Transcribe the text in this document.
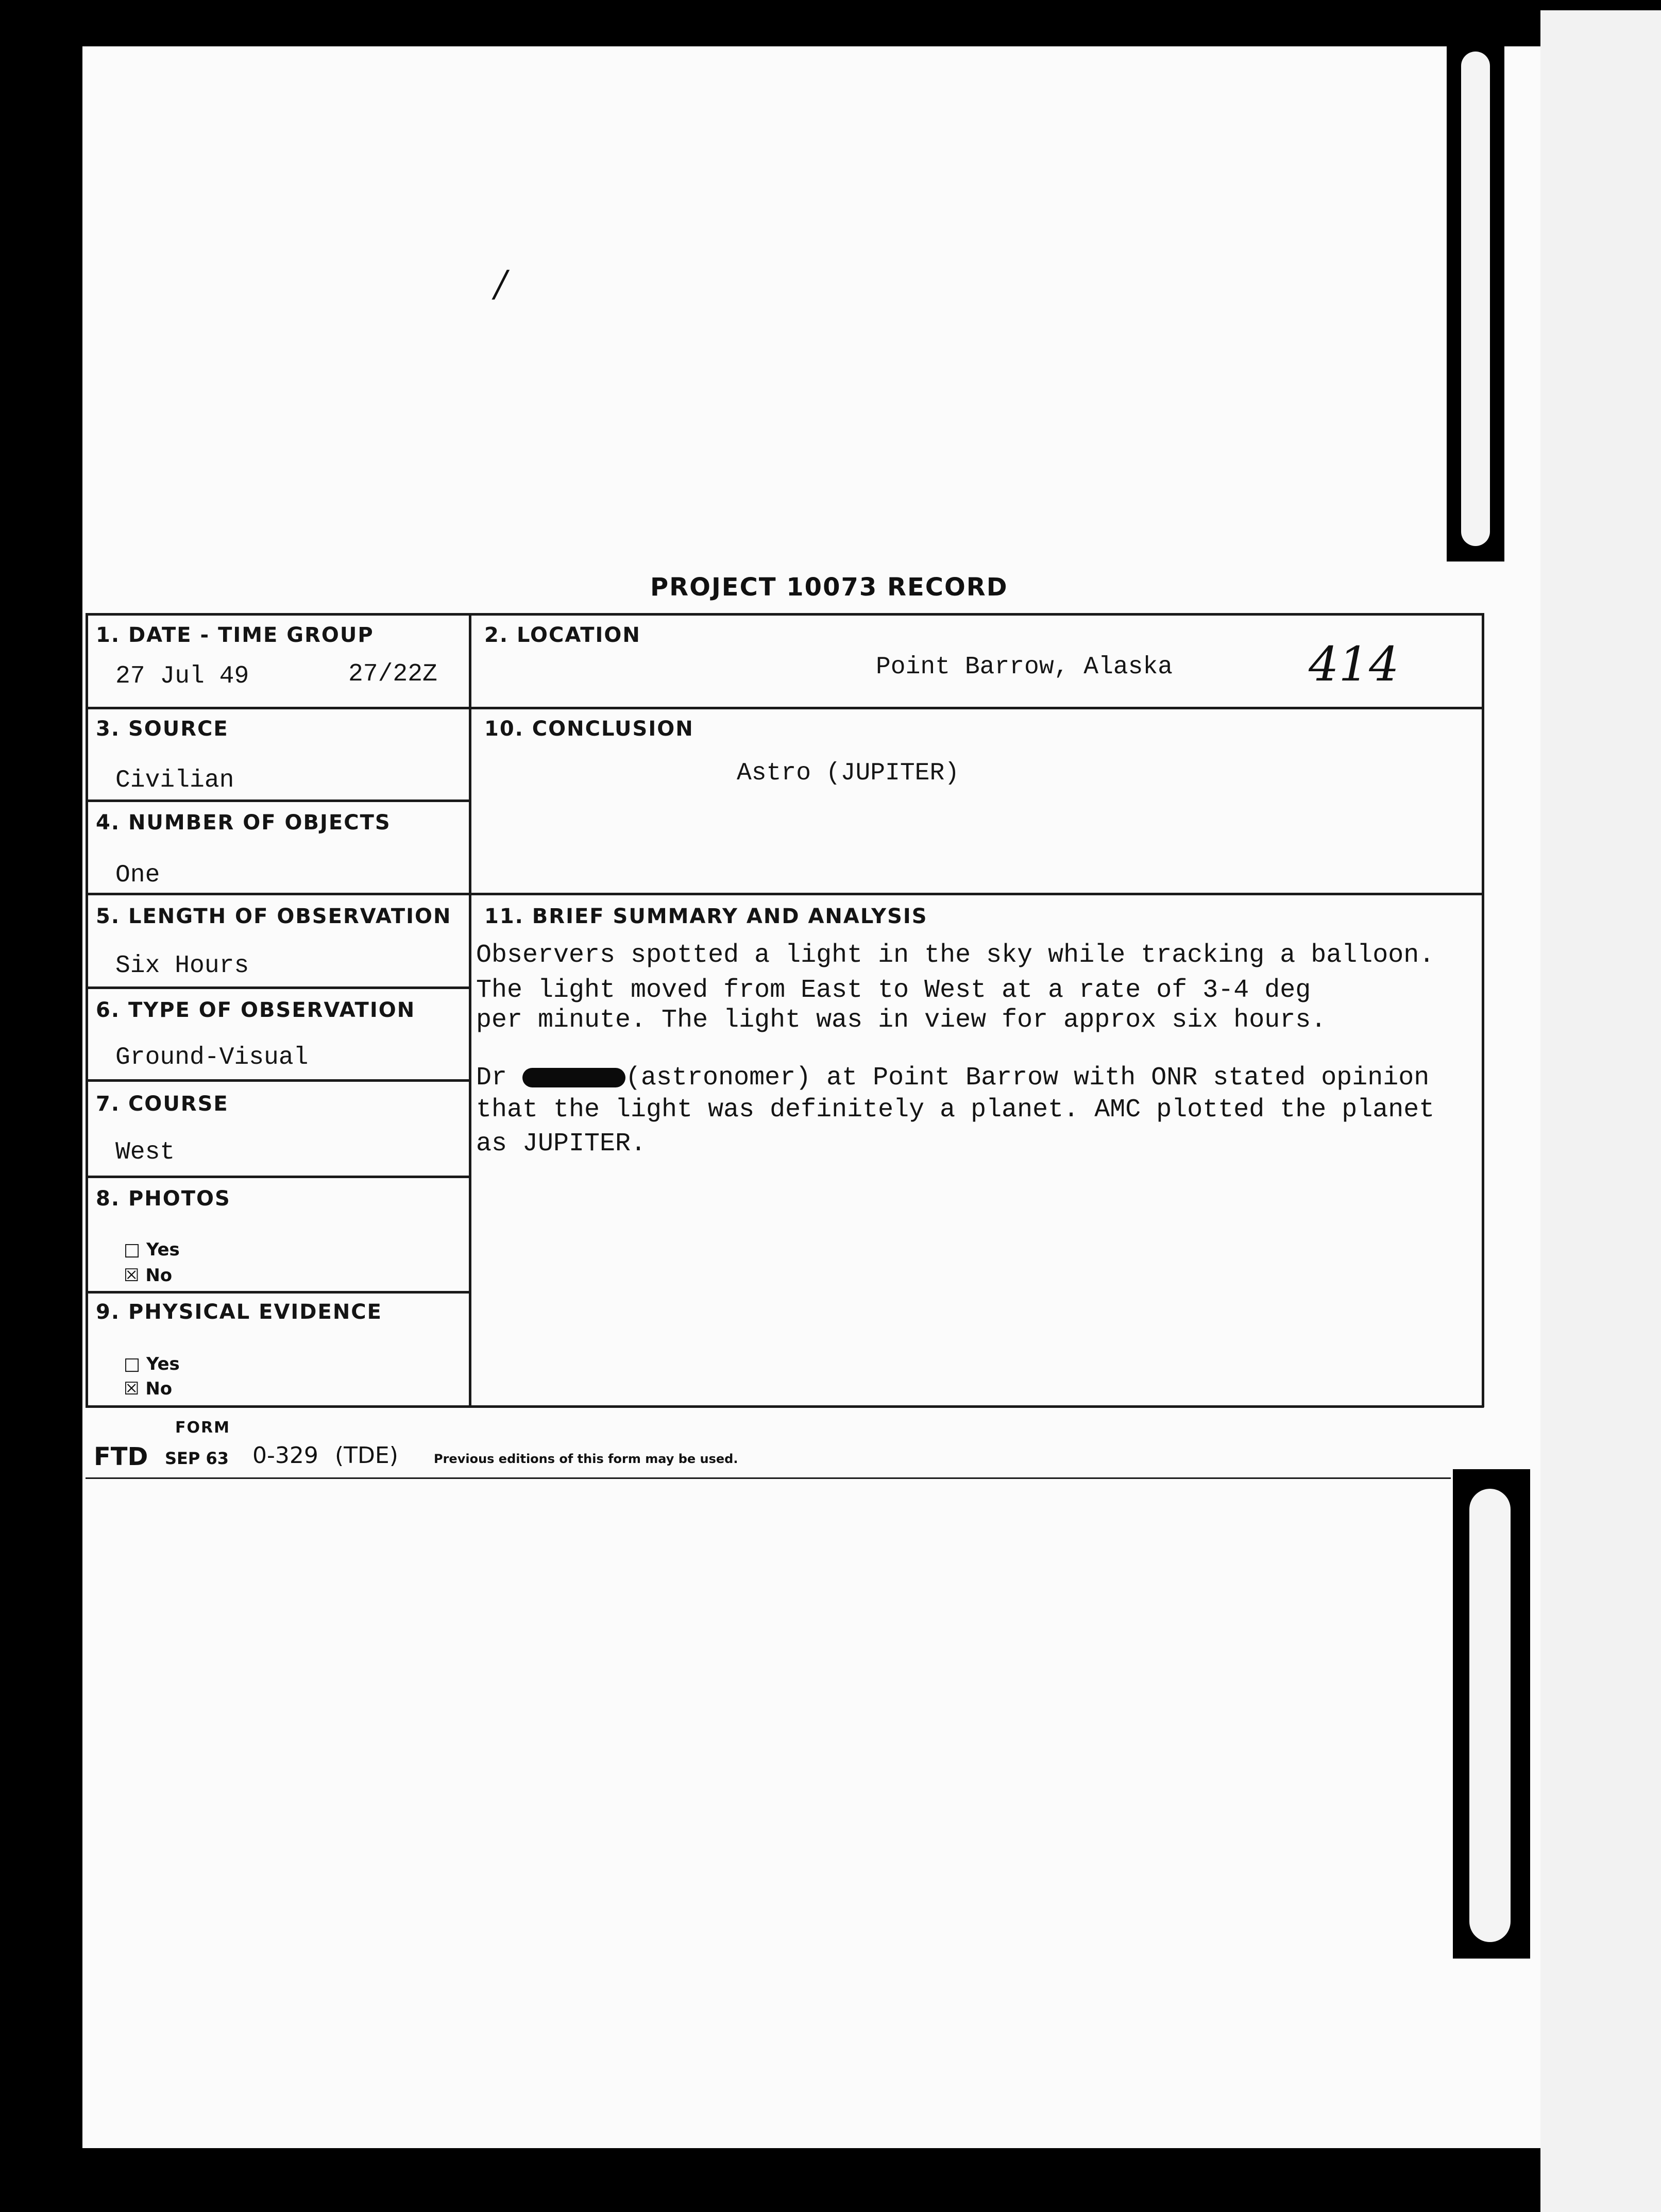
/
PROJECT 10073 RECORD
1. DATE - TIME GROUP
27 Jul 49	27/22Z
2. LOCATION
Point Barrow, Alaska	414
3. SOURCE
Civilian
10. CONCLUSION
Astro (JUPITER)
4. NUMBER OF OBJECTS
One
5. LENGTH OF OBSERVATION
Six Hours
11. BRIEF SUMMARY AND ANALYSIS
Observers spotted a light in the sky while tracking a balloon.
The light moved from East to West at a rate of 3-4 deg
per minute. The light was in view for approx six hours.
Dr	(astronomer) at Point Barrow with ONR stated opinion
that the light was definitely a planet. AMC plotted the planet
as JUPITER.
6. TYPE OF OBSERVATION
Ground-Visual
7. COURSE
West
8. PHOTOS
□ Yes
☒ No
9. PHYSICAL EVIDENCE
□ Yes
☒ No
FORM
FTD SEP 63 0-329 (TDE)	Previous editions of this form may be used.
